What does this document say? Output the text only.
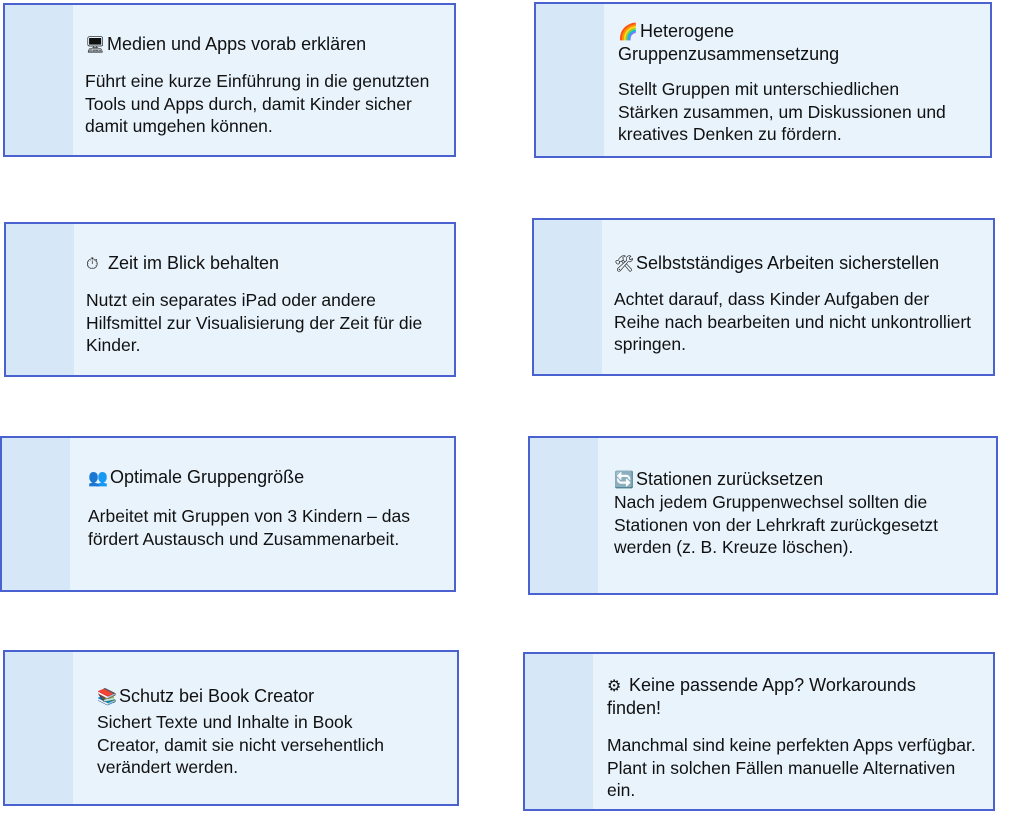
🖥Medien und Apps vorab erklären
Führt eine kurze Einführung in die genutzten Tools und Apps durch, damit Kinder sicher damit umgehen können.
🌈 Heterogene Gruppenzusammensetzung
Stellt Gruppen mit unterschiedlichen Stärken zusammen, um Diskussionen und kreatives Denken zu fördern.
⏱ Zeit im Blick behalten
Nutzt ein separates iPad oder andere Hilfsmittel zur Visualisierung der Zeit für die Kinder.
🛠Selbstständiges Arbeiten sicherstellen
Achtet darauf, dass Kinder Aufgaben der Reihe nach bearbeiten und nicht unkontrolliert springen.
👥 Optimale Gruppengröße
Arbeitet mit Gruppen von 3 Kindern – das fördert Austausch und Zusammenarbeit.
🔄 Stationen zurücksetzen
Nach jedem Gruppenwechsel sollten die Stationen von der Lehrkraft zurückgesetzt werden (z. B. Kreuze löschen).
📚 Schutz bei Book Creator
Sichert Texte und Inhalte in Book Creator, damit sie nicht versehentlich verändert werden.
⚙ Keine passende App? Workarounds finden!
Manchmal sind keine perfekten Apps verfügbar. Plant in solchen Fällen manuelle Alternativen ein.
